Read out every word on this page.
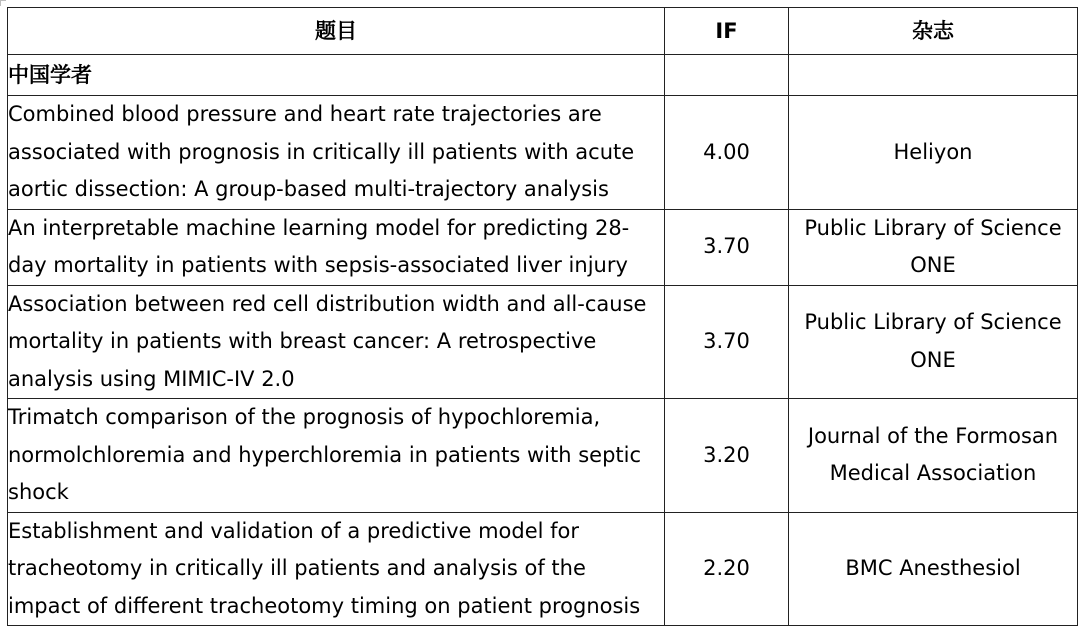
题目	IF	杂志
中国学者		
Combined blood pressure and heart rate trajectories are associated with prognosis in critically ill patients with acute aortic dissection: A group-based multi-trajectory analysis	4.00	Heliyon
An interpretable machine learning model for predicting 28-day mortality in patients with sepsis-associated liver injury	3.70	Public Library of Science ONE
Association between red cell distribution width and all-cause mortality in patients with breast cancer: A retrospective analysis using MIMIC-IV 2.0	3.70	Public Library of Science ONE
Trimatch comparison of the prognosis of hypochloremia, normolchloremia and hyperchloremia in patients with septic shock	3.20	Journal of the Formosan Medical Association
Establishment and validation of a predictive model for tracheotomy in critically ill patients and analysis of the impact of different tracheotomy timing on patient prognosis	2.20	BMC Anesthesiol
